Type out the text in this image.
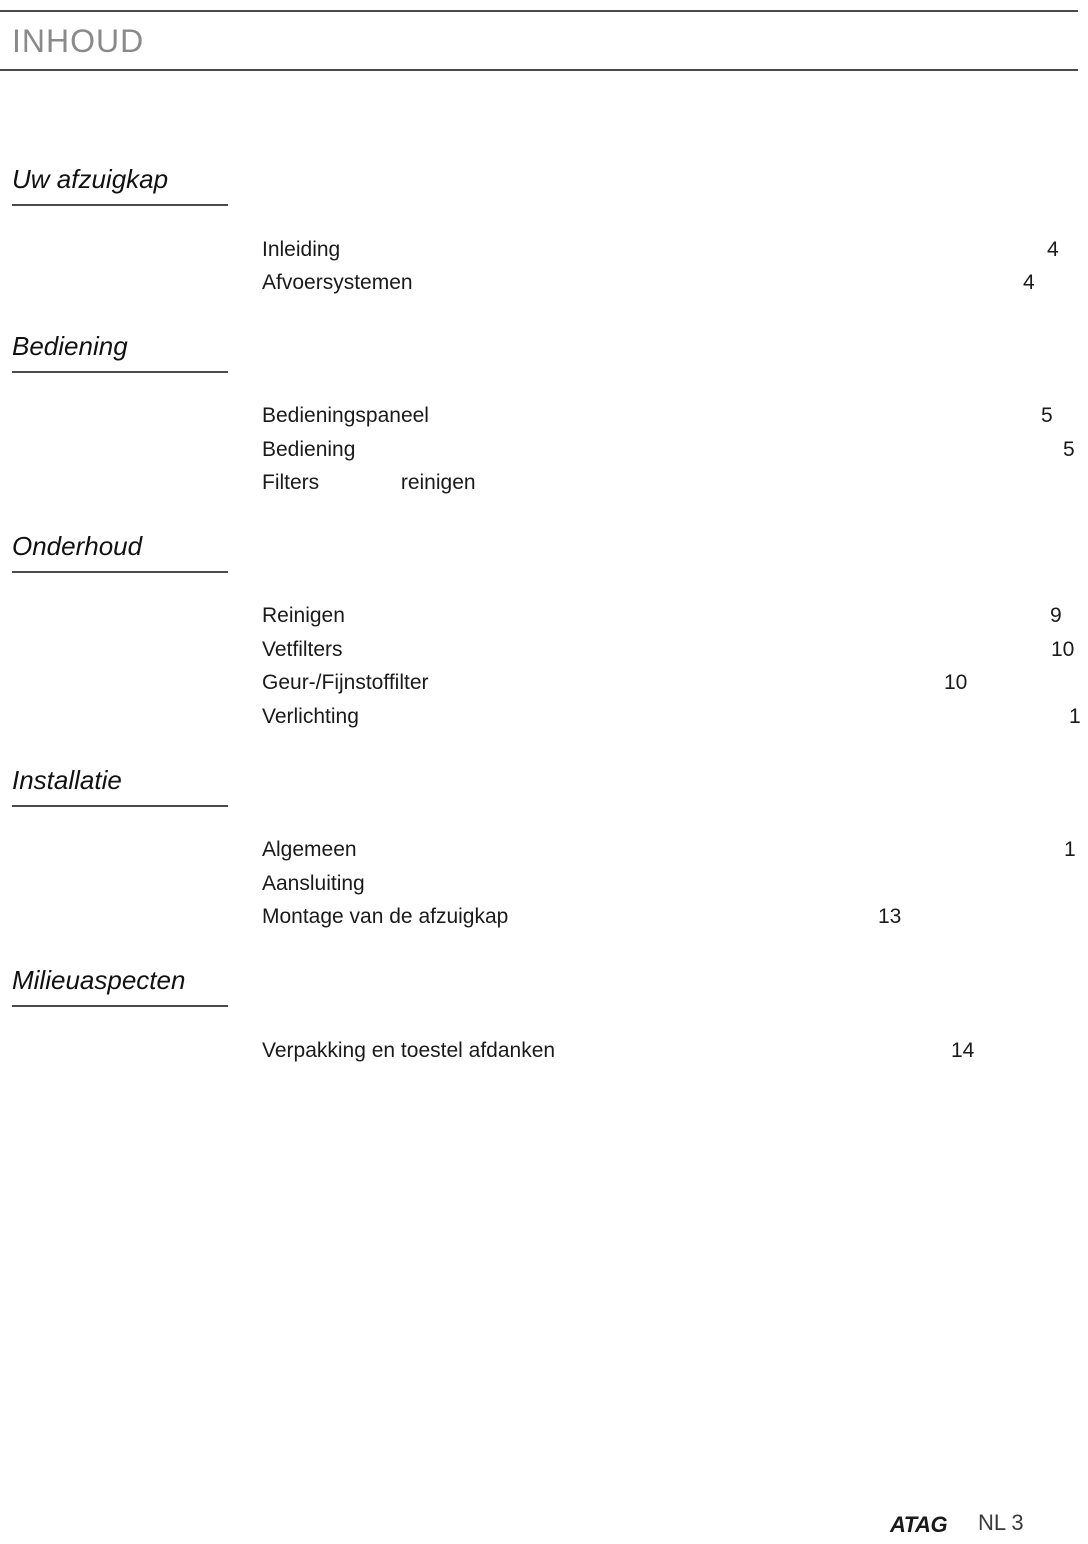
INHOUD
Uw afzuigkap
Inleiding	4
Afvoersystemen	4
Bediening
Bedieningspaneel	5
Bediening	5
Filters              reinigen
Onderhoud
Reinigen	9
Vetfilters	10
Geur-/Fijnstoffilter	10
Verlichting	1
Installatie
Algemeen	1
Aansluiting
Montage van de afzuigkap	13
Milieuaspecten
Verpakking en toestel afdanken	14
ATAG NL 3
